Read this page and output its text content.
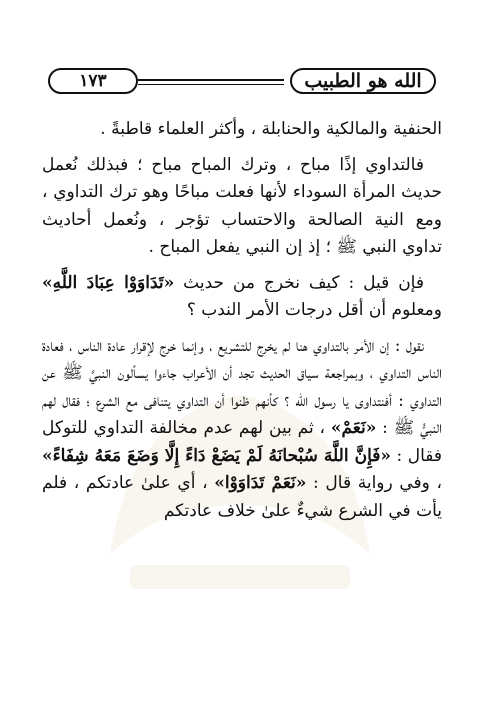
١٧٣	الله هو الطبيب

الحنفية والمالكية والحنابلة ، وأكثر العلماء قاطبةً .

فالتداوي إذًا مباح ، وترك المباح مباح ؛ فبذلك نُعمل حديث المرأة السوداء لأنها فعلت مباحًا وهو ترك التداوي ، ومع النية الصالحة والاحتساب تؤجر ، ونُعمل أحاديث تداوي النبي ﷺ ؛ إذ إن النبي يفعل المباح .

فإن قيل : كيف نخرج من حديث «تَدَاوَوْا عِبَادَ اللَّهِ» ومعلوم أن أقل درجات الأمر الندب ؟

نقول : إن الأمر بالتداوي هنا لم يخرج للتشريع ، وإنما خرج لإقرار عادة الناس ، فعادة الناس التداوي ، وبمراجعة سياق الحديث تجد أن الأعراب جاءوا يسألون النبيَّ ﷺ عن التداوي : أفنتداوى يا رسول الله ؟ كأنهم ظنوا أن التداوي يتنافى مع الشرع ؛ فقال لهم النبيُّ ﷺ : «نَعَمْ» ، ثم بين لهم عدم مخالفة التداوي للتوكل فقال : «فَإِنَّ اللَّهَ سُبْحانَهُ لَمْ يَضَعْ دَاءً إِلَّا وَضَعَ مَعَهُ شِفَاءً» ، وفي رواية قال : «نَعَمْ تَدَاوَوْا» ، أي علىٰ عادتكم ، فلم يأت في الشرع شيءٌ علىٰ خلاف عادتكم
